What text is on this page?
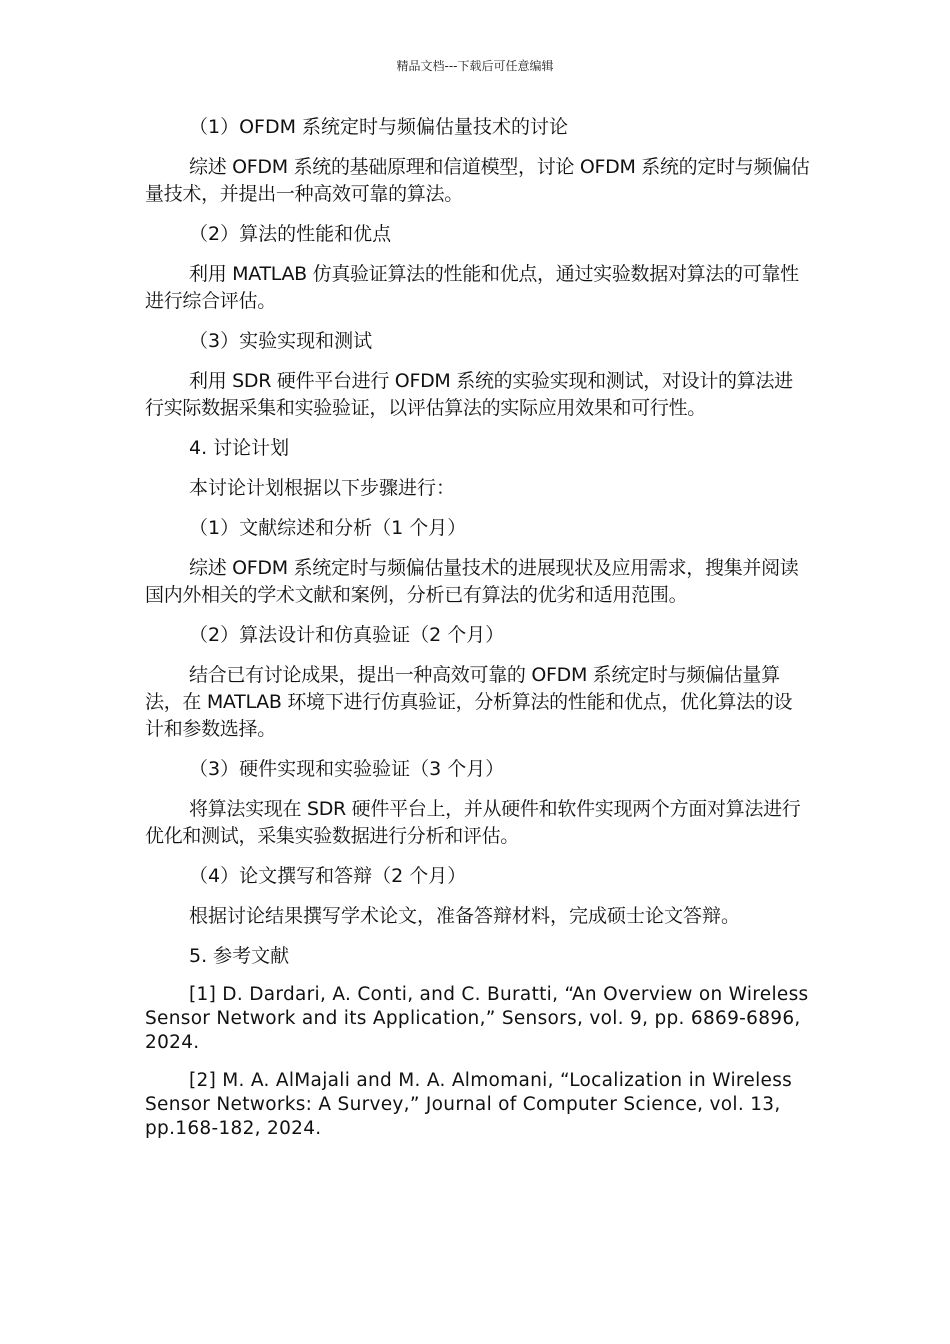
精品文档---下载后可任意编辑
（1）OFDM 系统定时与频偏估量技术的讨论
综述 OFDM 系统的基础原理和信道模型，讨论 OFDM 系统的定时与频偏估量技术，并提出一种高效可靠的算法。
（2）算法的性能和优点
利用 MATLAB 仿真验证算法的性能和优点，通过实验数据对算法的可靠性进行综合评估。
（3）实验实现和测试
利用 SDR 硬件平台进行 OFDM 系统的实验实现和测试，对设计的算法进行实际数据采集和实验验证，以评估算法的实际应用效果和可行性。
4. 讨论计划
本讨论计划根据以下步骤进行：
（1）文献综述和分析（1 个月）
综述 OFDM 系统定时与频偏估量技术的进展现状及应用需求，搜集并阅读国内外相关的学术文献和案例，分析已有算法的优劣和适用范围。
（2）算法设计和仿真验证（2 个月）
结合已有讨论成果，提出一种高效可靠的 OFDM 系统定时与频偏估量算法，在 MATLAB 环境下进行仿真验证，分析算法的性能和优点，优化算法的设计和参数选择。
（3）硬件实现和实验验证（3 个月）
将算法实现在 SDR 硬件平台上，并从硬件和软件实现两个方面对算法进行优化和测试，采集实验数据进行分析和评估。
（4）论文撰写和答辩（2 个月）
根据讨论结果撰写学术论文，准备答辩材料，完成硕士论文答辩。
5. 参考文献
[1] D. Dardari, A. Conti, and C. Buratti, “An Overview on Wireless Sensor Network and its Application,” Sensors, vol. 9, pp. 6869-6896, 2024.
[2] M. A. AlMajali and M. A. Almomani, “Localization in Wireless Sensor Networks: A Survey,” Journal of Computer Science, vol. 13, pp.168-182, 2024.
